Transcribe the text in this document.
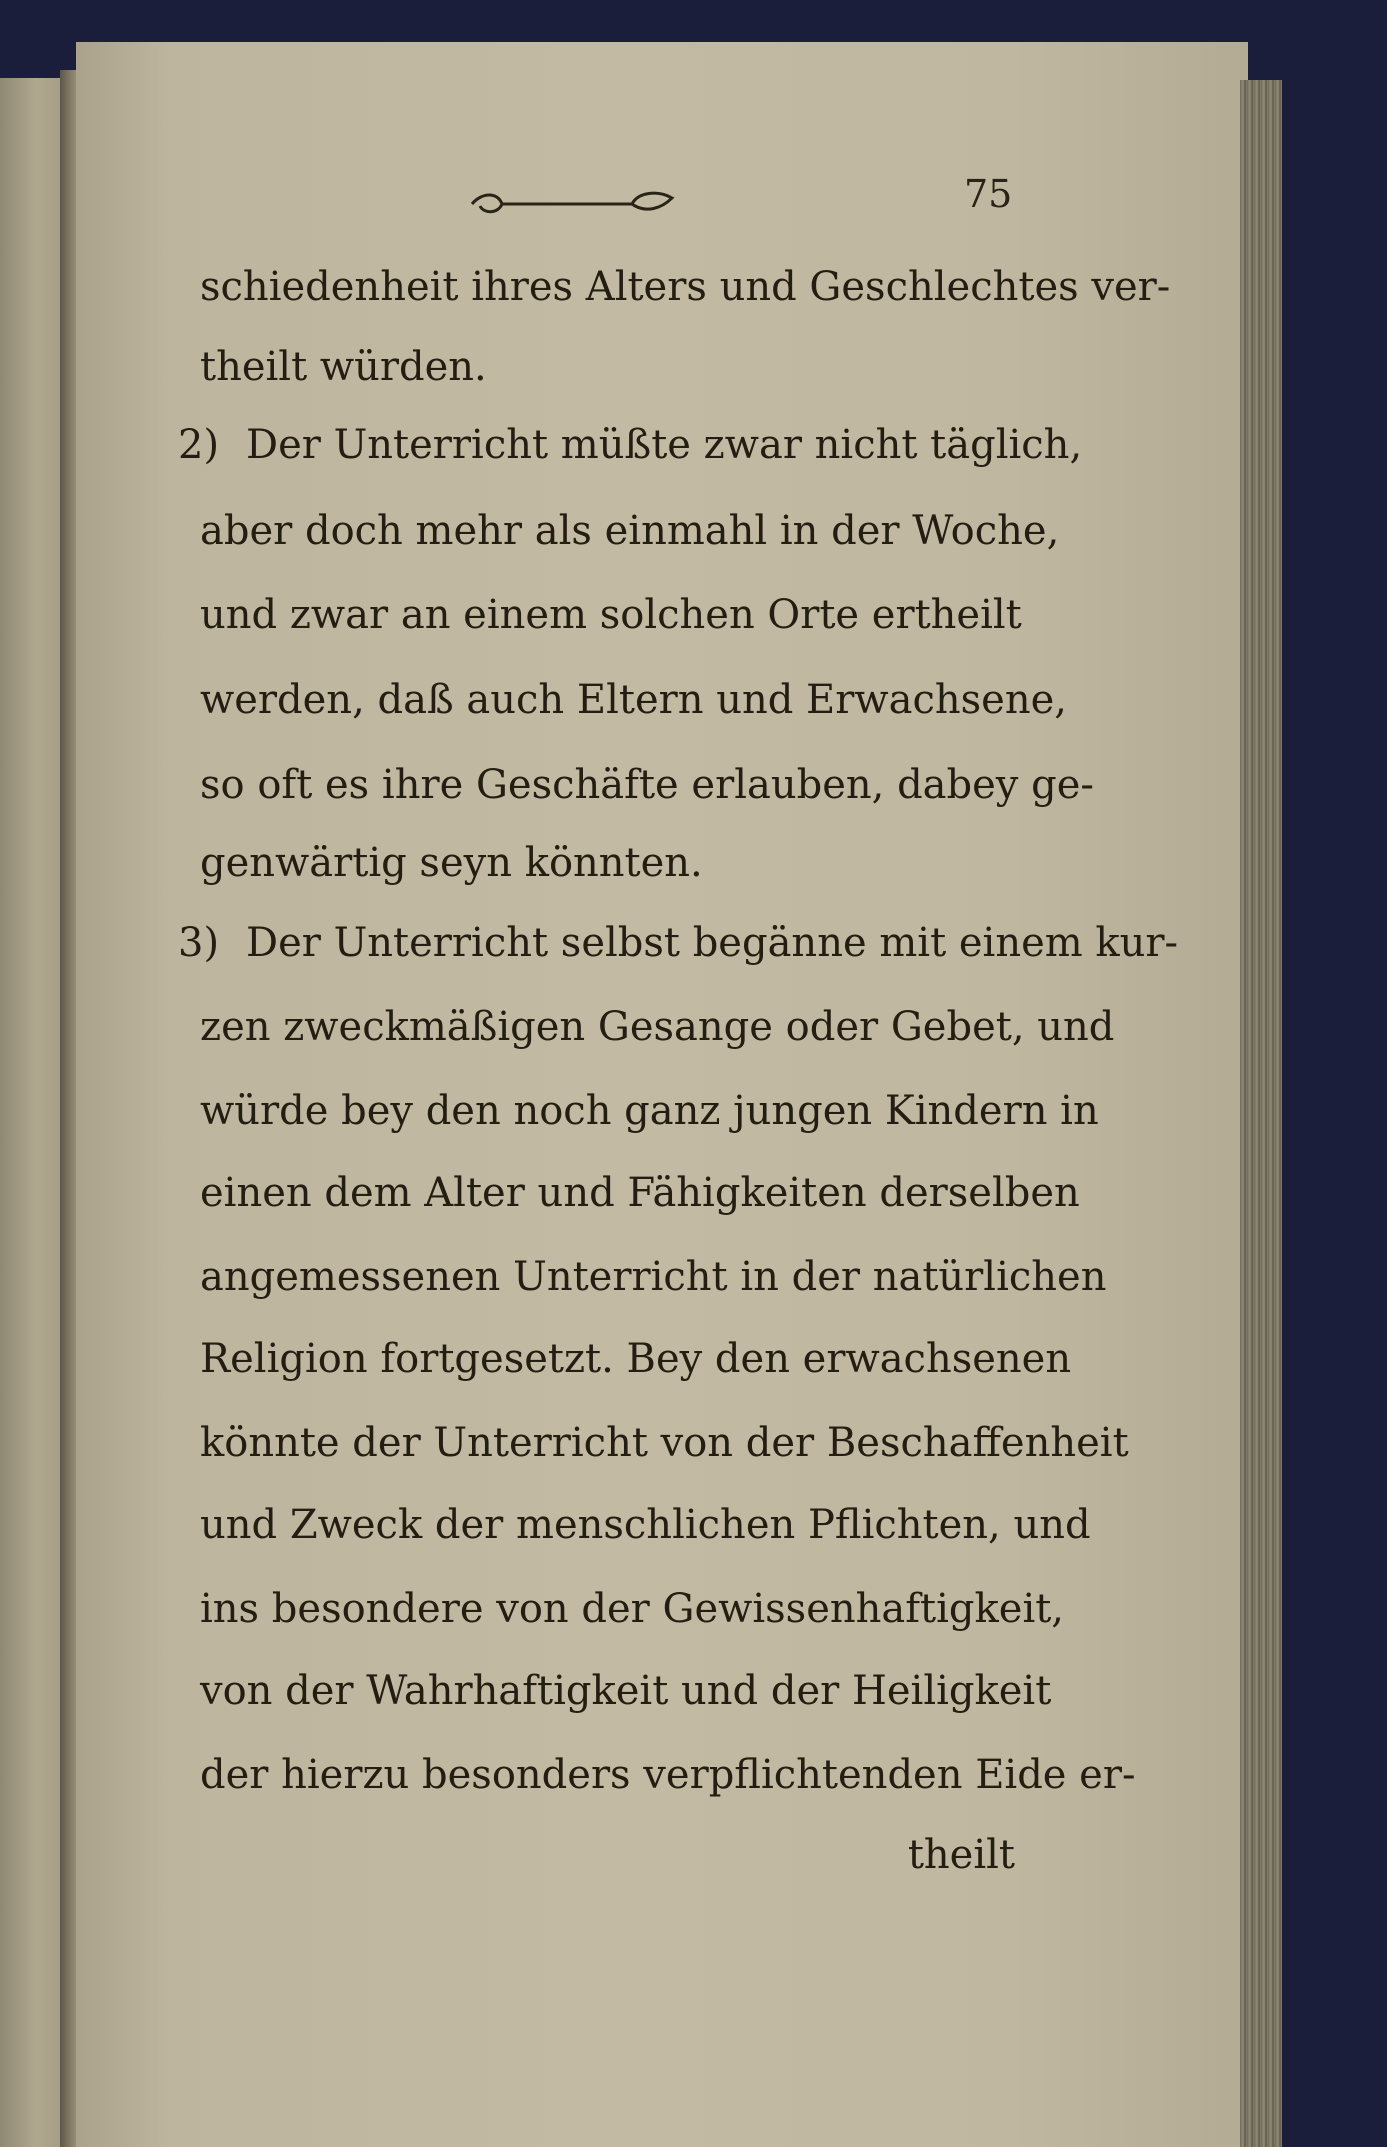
75
schiedenheit ihres Alters und Geschlechtes ver-
theilt würden.
2) Der Unterricht müßte zwar nicht täglich,
aber doch mehr als einmahl in der Woche,
und zwar an einem solchen Orte ertheilt
werden, daß auch Eltern und Erwachsene,
so oft es ihre Geschäfte erlauben, dabey ge-
genwärtig seyn könnten.
3) Der Unterricht selbst begänne mit einem kur-
zen zweckmäßigen Gesange oder Gebet, und
würde bey den noch ganz jungen Kindern in
einen dem Alter und Fähigkeiten derselben
angemessenen Unterricht in der natürlichen
Religion fortgesetzt. Bey den erwachsenen
könnte der Unterricht von der Beschaffenheit
und Zweck der menschlichen Pflichten, und
ins besondere von der Gewissenhaftigkeit,
von der Wahrhaftigkeit und der Heiligkeit
der hierzu besonders verpflichtenden Eide er-
theilt
